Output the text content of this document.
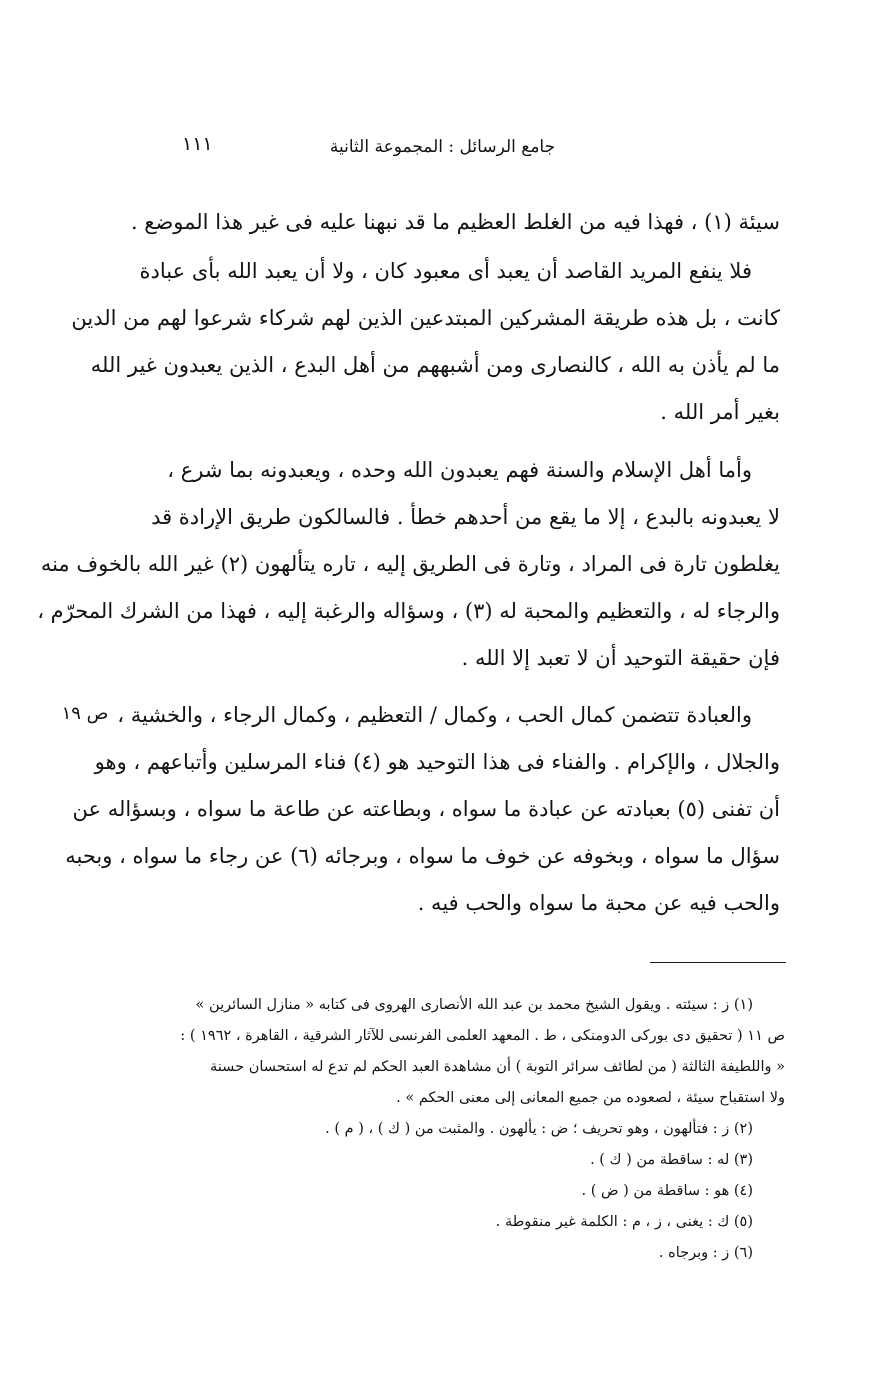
جامع الرسائل : المجموعة الثانية
١١١
سيئة (١) ، فهذا فيه من الغلط العظيم ما قد نبهنا عليه فى غير هذا الموضع .
فلا ينفع المريد القاصد أن يعبد أى معبود كان ، ولا أن يعبد الله بأى عبادة
كانت ، بل هذه طريقة المشركين المبتدعين الذين لهم شركاء شرعوا لهم من الدين
ما لم يأذن به الله ، كالنصارى ومن أشبههم من أهل البدع ، الذين يعبدون غير الله
بغير أمر الله .
وأما أهل الإسلام والسنة فهم يعبدون الله وحده ، ويعبدونه بما شرع ،
لا يعبدونه بالبدع ، إلا ما يقع من أحدهم خطأ . فالسالكون طريق الإرادة قد
يغلطون تارة فى المراد ، وتارة فى الطريق إليه ، تاره يتألهون (٢) غير الله بالخوف منه
والرجاء له ، والتعظيم والمحبة له (٣) ، وسؤاله والرغبة إليه ، فهذا من الشرك المحرّم ،
فإن حقيقة التوحيد أن لا تعبد إلا الله .
ص ١٩ والعبادة تتضمن كمال الحب ، وكمال / التعظيم ، وكمال الرجاء ، والخشية ،
والجلال ، والإكرام . والفناء فى هذا التوحيد هو (٤) فناء المرسلين وأتباعهم ، وهو
أن تفنى (٥) بعبادته عن عبادة ما سواه ، وبطاعته عن طاعة ما سواه ، وبسؤاله عن
سؤال ما سواه ، وبخوفه عن خوف ما سواه ، وبرجائه (٦) عن رجاء ما سواه ، وبحبه
والحب فيه عن محبة ما سواه والحب فيه .
(١) ز : سيئته . ويقول الشيخ محمد بن عبد الله الأنصارى الهروى فى كتابه « منازل السائرين »
ص ١١ ( تحقيق دى بوركى الدومنكى ، ط . المعهد العلمى الفرنسى للآثار الشرقية ، القاهرة ، ١٩٦٢ ) :
« واللطيفة الثالثة ( من لطائف سرائر التوبة ) أن مشاهدة العبد الحكم لم تدع له استحسان حسنة
ولا استقباح سيئة ، لصعوده من جميع المعانى إلى معنى الحكم » .
(٢) ز : فتألهون ، وهو تحريف ؛ ض : يألهون . والمثبت من ( ك ) ، ( م ) .
(٣) له : ساقطة من ( ك ) .
(٤) هو : ساقطة من ( ض ) .
(٥) ك : يغنى ، ز ، م : الكلمة غير منقوطة .
(٦) ز : وبرجاه .
